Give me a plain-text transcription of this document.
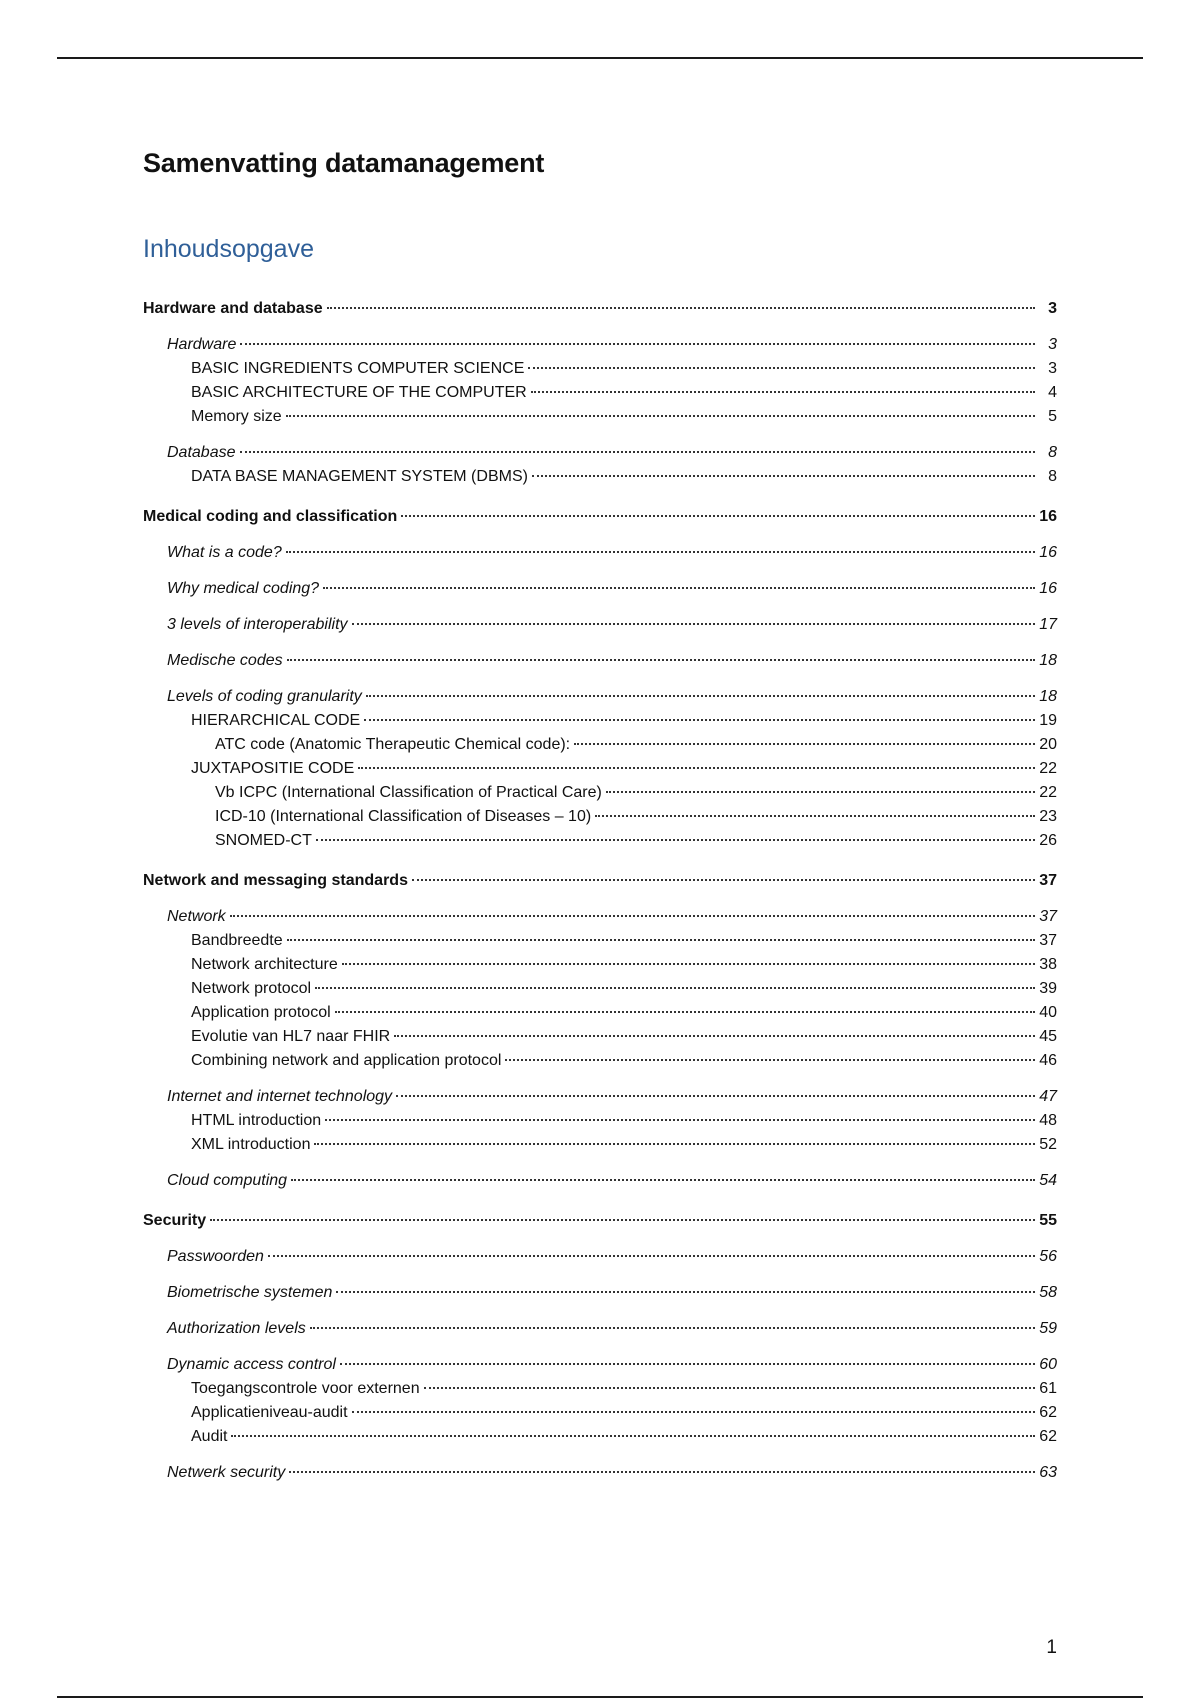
Samenvatting datamanagement
Inhoudsopgave
Hardware and database	3
Hardware	3
BASIC INGREDIENTS COMPUTER SCIENCE	3
BASIC ARCHITECTURE OF THE COMPUTER	4
Memory size	5
Database	8
DATA BASE MANAGEMENT SYSTEM (DBMS)	8
Medical coding and classification	16
What is a code?	16
Why medical coding?	16
3 levels of interoperability	17
Medische codes	18
Levels of coding granularity	18
HIERARCHICAL CODE	19
ATC code (Anatomic Therapeutic Chemical code):	20
JUXTAPOSITIE CODE	22
Vb ICPC (International Classification of Practical Care)	22
ICD-10 (International Classification of Diseases – 10)	23
SNOMED-CT	26
Network and messaging standards	37
Network	37
Bandbreedte	37
Network architecture	38
Network protocol	39
Application protocol	40
Evolutie van HL7 naar FHIR	45
Combining network and application protocol	46
Internet and internet technology	47
HTML introduction	48
XML introduction	52
Cloud computing	54
Security	55
Passwoorden	56
Biometrische systemen	58
Authorization levels	59
Dynamic access control	60
Toegangscontrole voor externen	61
Applicatieniveau-audit	62
Audit	62
Netwerk security	63
1
